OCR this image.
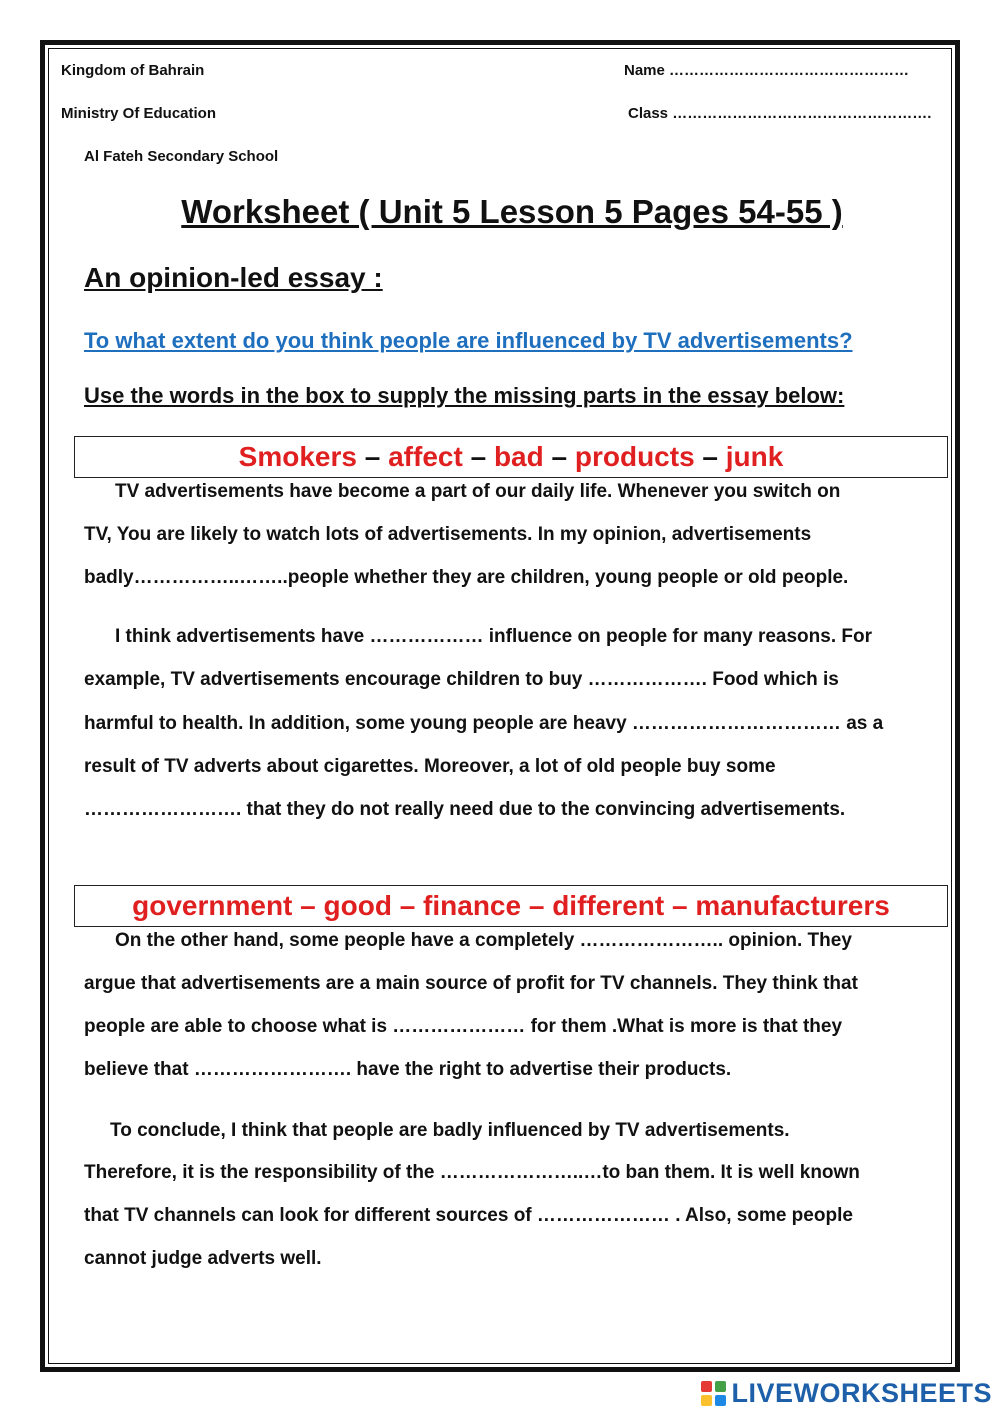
Kingdom of Bahrain
Ministry Of Education
Al Fateh Secondary School
Name …………………………………………
Class …………………………………………….
Worksheet ( Unit 5 Lesson 5 Pages 54-55 )
An opinion-led essay :
To what extent do you think people are influenced by TV advertisements?
Use the words in the box to supply the missing parts in the essay below:
Smokers – affect – bad – products – junk
TV advertisements have become a part of our daily life. Whenever you switch on
TV, You are likely to watch lots of advertisements. In my opinion, advertisements
badly……………..……..people whether they are children, young people or old people.
I think advertisements have ……………… influence on people for many reasons. For
example, TV advertisements encourage children to buy ………………. Food which is
harmful to health. In addition, some young people are heavy …………………………… as a
result of TV adverts about cigarettes. Moreover, a lot of old people buy some
……………………. that they do not really need due to the convincing advertisements.
government – good – finance – different – manufacturers
On the other hand, some people have a completely ………………….. opinion. They
argue that advertisements are a main source of profit for TV channels. They think that
people are able to choose what is ………………… for them .What is more is that they
believe that ……………………. have the right to advertise their products.
To conclude, I think that people are badly influenced by TV advertisements.
Therefore, it is the responsibility of the …………………..…to ban them. It is well known
that TV channels can look for different sources of ………………… . Also, some people
cannot judge adverts well.
LIVEWORKSHEETS
